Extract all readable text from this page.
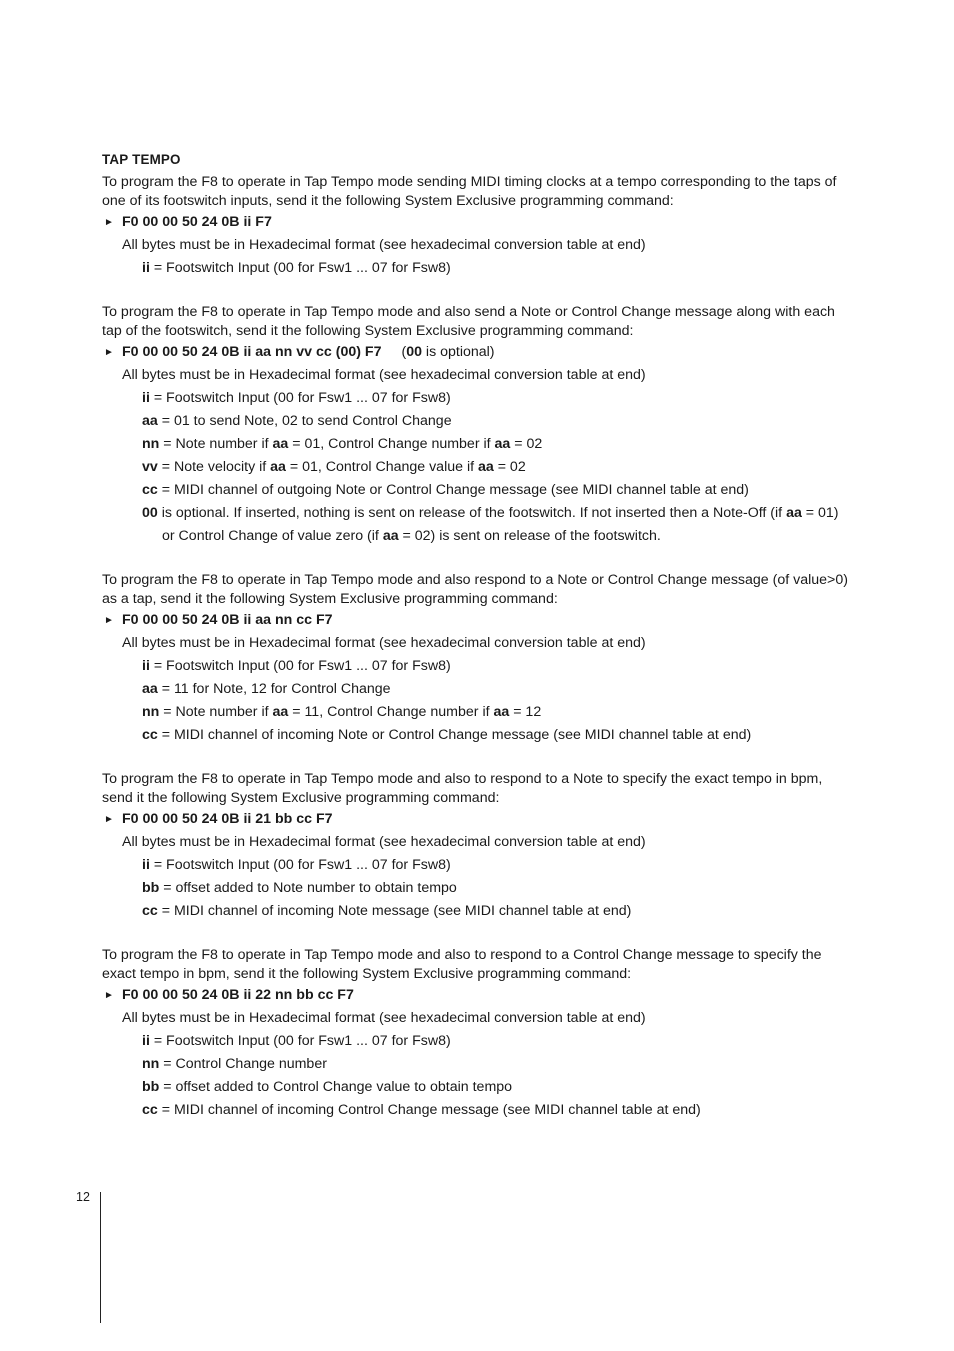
TAP TEMPO
To program the F8 to operate in Tap Tempo mode sending MIDI timing clocks at a tempo corresponding to the taps of one of its footswitch inputs, send it the following System Exclusive programming command:
► F0 00 00 50 24 0B ii F7
All bytes must be in Hexadecimal format (see hexadecimal conversion table at end)
ii = Footswitch Input (00 for Fsw1 ... 07 for Fsw8)
To program the F8 to operate in Tap Tempo mode and also send a Note or Control Change message along with each tap of the footswitch, send it the following System Exclusive programming command:
► F0 00 00 50 24 0B ii aa nn vv cc (00) F7 (00 is optional)
All bytes must be in Hexadecimal format (see hexadecimal conversion table at end)
ii = Footswitch Input (00 for Fsw1 ... 07 for Fsw8)
aa = 01 to send Note, 02 to send Control Change
nn = Note number if aa = 01, Control Change number if aa = 02
vv = Note velocity if aa = 01, Control Change value if aa = 02
cc = MIDI channel of outgoing Note or Control Change message (see MIDI channel table at end)
00 is optional. If inserted, nothing is sent on release of the footswitch. If not inserted then a Note-Off (if aa = 01)
or Control Change of value zero (if aa = 02) is sent on release of the footswitch.
To program the F8 to operate in Tap Tempo mode and also respond to a Note or Control Change message (of value>0) as a tap, send it the following System Exclusive programming command:
► F0 00 00 50 24 0B ii aa nn cc F7
All bytes must be in Hexadecimal format (see hexadecimal conversion table at end)
ii = Footswitch Input (00 for Fsw1 ... 07 for Fsw8)
aa = 11 for Note, 12 for Control Change
nn = Note number if aa = 11, Control Change number if aa = 12
cc = MIDI channel of incoming Note or Control Change message (see MIDI channel table at end)
To program the F8 to operate in Tap Tempo mode and also to respond to a Note to specify the exact tempo in bpm, send it the following System Exclusive programming command:
► F0 00 00 50 24 0B ii 21 bb cc F7
All bytes must be in Hexadecimal format (see hexadecimal conversion table at end)
ii = Footswitch Input (00 for Fsw1 ... 07 for Fsw8)
bb = offset added to Note number to obtain tempo
cc = MIDI channel of incoming Note message (see MIDI channel table at end)
To program the F8 to operate in Tap Tempo mode and also to respond to a Control Change message to specify the exact tempo in bpm, send it the following System Exclusive programming command:
► F0 00 00 50 24 0B ii 22 nn bb cc F7
All bytes must be in Hexadecimal format (see hexadecimal conversion table at end)
ii = Footswitch Input (00 for Fsw1 ... 07 for Fsw8)
nn = Control Change number
bb = offset added to Control Change value to obtain tempo
cc = MIDI channel of incoming Control Change message (see MIDI channel table at end)
12
